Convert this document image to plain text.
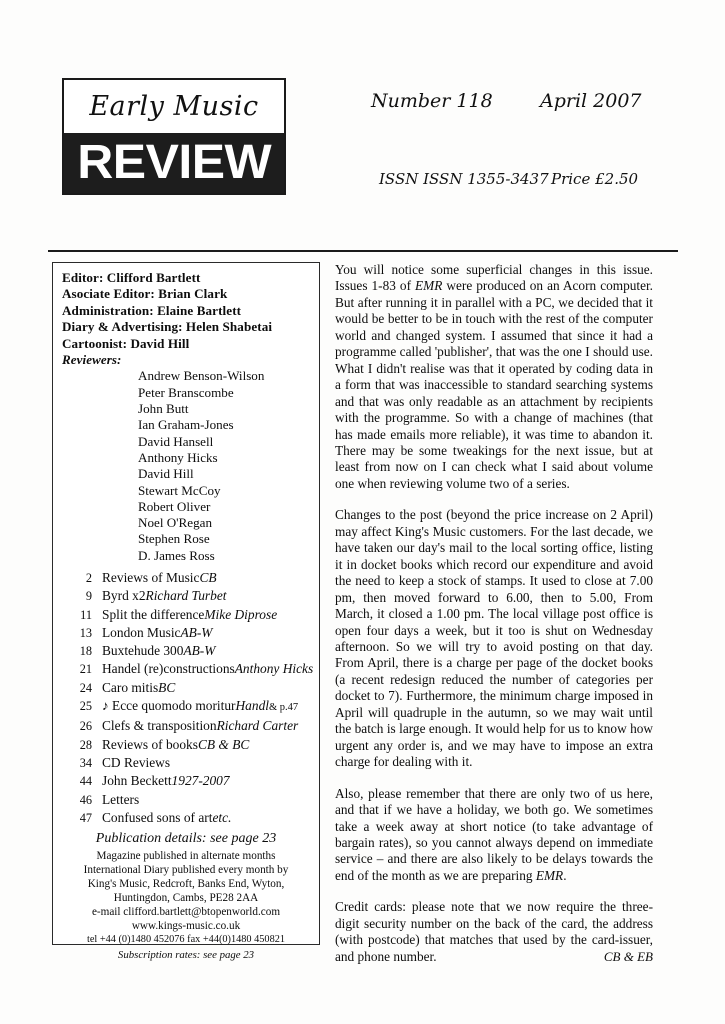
Early Music
REVIEW
Number 118 April 2007
ISSN ISSN 1355-3437 Price £2.50
Editor: Clifford Bartlett
Asociate Editor: Brian Clark
Administration: Elaine Bartlett
Diary & Advertising: Helen Shabetai
Cartoonist: David Hill
Reviewers:
Andrew Benson-Wilson
Peter Branscombe
John Butt
Ian Graham-Jones
David Hansell
Anthony Hicks
David Hill
Stewart McCoy
Robert Oliver
Noel O'Regan
Stephen Rose
D. James Ross
2 Reviews of Music CB
9 Byrd x2 Richard Turbet
11 Split the difference Mike Diprose
13 London Music AB-W
18 Buxtehude 300 AB-W
21 Handel (re)constructions Anthony Hicks
24 Caro mitis BC
25 ♪ Ecce quomodo moritur Handl & p.47
26 Clefs & transposition Richard Carter
28 Reviews of books CB & BC
34 CD Reviews
44 John Beckett 1927-2007
46 Letters
47 Confused sons of art etc.
Publication details: see page 23
Magazine published in alternate months
International Diary published every month by
King's Music, Redcroft, Banks End, Wyton,
Huntingdon, Cambs, PE28 2AA
e-mail clifford.bartlett@btopenworld.com
www.kings-music.co.uk
tel +44 (0)1480 452076 fax +44(0)1480 450821
Subscription rates: see page 23

You will notice some superficial changes in this issue. Issues 1-83 of EMR were produced on an Acorn computer. But after running it in parallel with a PC, we decided that it would be better to be in touch with the rest of the computer world and changed system. I assumed that since it had a programme called 'publisher', that was the one I should use. What I didn't realise was that it operated by coding data in a form that was inaccessible to standard searching systems and that was only readable as an attachment by recipients with the programme. So with a change of machines (that has made emails more reliable), it was time to abandon it. There may be some tweakings for the next issue, but at least from now on I can check what I said about volume one when reviewing volume two of a series.

Changes to the post (beyond the price increase on 2 April) may affect King's Music customers. For the last decade, we have taken our day's mail to the local sorting office, listing it in docket books which record our expenditure and avoid the need to keep a stock of stamps. It used to close at 7.00 pm, then moved forward to 6.00, then to 5.00, From March, it closed a 1.00 pm. The local village post office is open four days a week, but it too is shut on Wednesday afternoon. So we will try to avoid posting on that day. From April, there is a charge per page of the docket books (a recent redesign reduced the number of categories per docket to 7). Furthermore, the minimum charge imposed in April will quadruple in the autumn, so we may wait until the batch is large enough. It would help for us to know how urgent any order is, and we may have to impose an extra charge for dealing with it.

Also, please remember that there are only two of us here, and that if we have a holiday, we both go. We sometimes take a week away at short notice (to take advantage of bargain rates), so you cannot always depend on immediate service – and there are also likely to be delays towards the end of the month as we are preparing EMR.

Credit cards: please note that we now require the three-digit security number on the back of the card, the address (with postcode) that matches that used by the card-issuer, and phone number.	CB & EB
